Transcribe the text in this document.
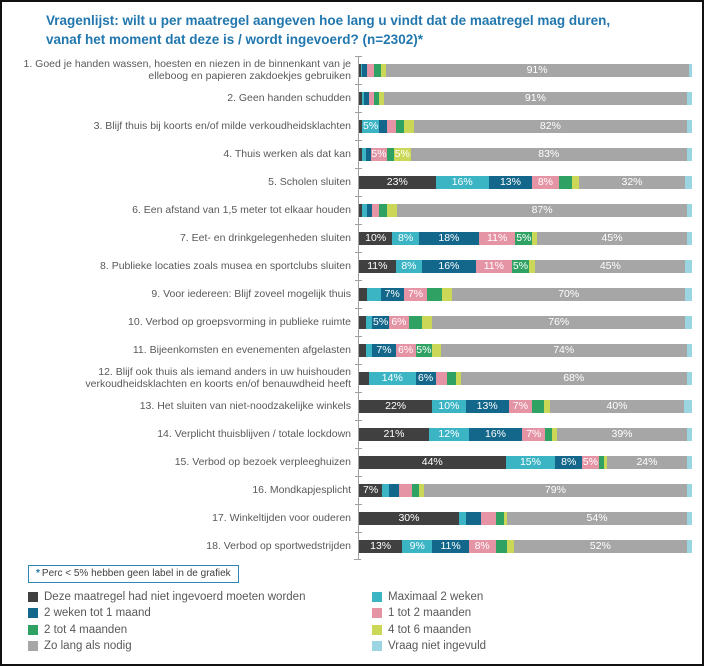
Vragenlijst: wilt u per maatregel aangeven hoe lang u vindt dat de maatregel mag duren,
vanaf het moment dat deze is / wordt ingevoerd? (n=2302)*
1. Goed je handen wassen, hoesten en niezen in de binnenkant van je elleboog en papieren zakdoekjes gebruiken	91%
2. Geen handen schudden	91%
3. Blijf thuis bij koorts en/of milde verkoudheidsklachten	5%	82%
4. Thuis werken als dat kan	5% 5%	83%
5. Scholen sluiten	23%	16%	13%	8%	32%
6. Een afstand van 1,5 meter tot elkaar houden	87%
7. Eet- en drinkgelegenheden sluiten	10%	8%	18%	11% 5%	45%
8. Publieke locaties zoals musea en sportclubs sluiten	11%	8%	16%	11% 5%	45%
9. Voor iedereen: Blijf zoveel mogelijk thuis	7% 7%	70%
10. Verbod op groepsvorming in publieke ruimte	5% 6%	76%
11. Bijeenkomsten en evenementen afgelasten	7% 6% 5%	74%
12. Blijf ook thuis als iemand anders in uw huishouden verkoudheidsklachten en koorts en/of benauwdheid heeft	14%	6%	68%
13. Het sluiten van niet-noodzakelijke winkels	22%	10%	13%	7%	40%
14. Verplicht thuisblijven / totale lockdown	21%	12%	16%	7%	39%
15. Verbod op bezoek verpleeghuizen	44%	15%	8% 5%	24%
16. Mondkapjesplicht	7%	79%
17. Winkeltijden voor ouderen	30%	54%
18. Verbod op sportwedstrijden	13%	9%	11%	8%	52%
* Perc < 5% hebben geen label in de grafiek
Deze maatregel had niet ingevoerd moeten worden
2 weken tot 1 maand
2 tot 4 maanden
Zo lang als nodig
Maximaal 2 weken
1 tot 2 maanden
4 tot 6 maanden
Vraag niet ingevuld
